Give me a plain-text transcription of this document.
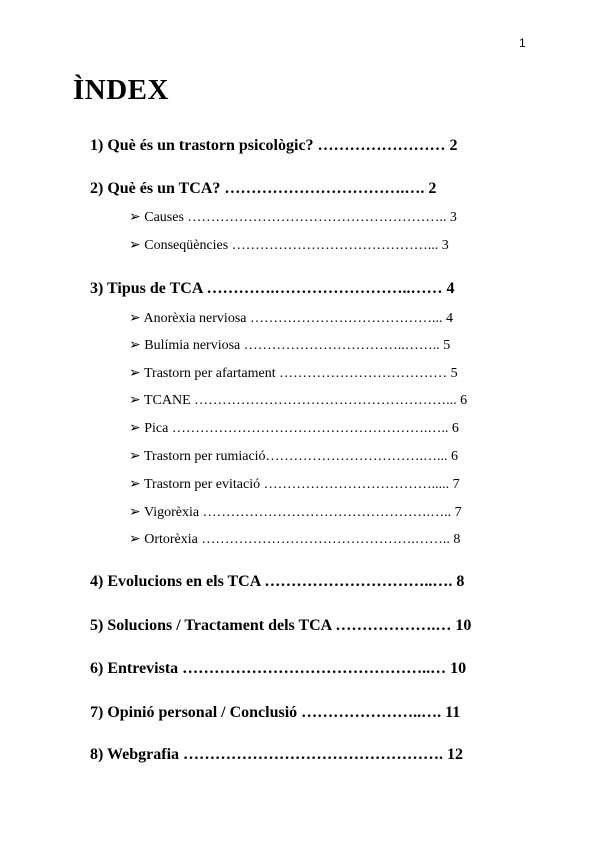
1
ÌNDEX
1) Què és un trastorn psicològic? …………………… 2
2) Què és un TCA? …………………………….…. 2
➢ Causes ……………………………………………….. 3
➢ Conseqüències ……………………………………... 3
3) Tipus de TCA ………….……………………..…… 4
➢ Anorèxia nerviosa …………………………………... 4
➢ Bulímia nerviosa ……………………………..…….. 5
➢ Trastorn per afartament ……………………………… 5
➢ TCANE ………………………………………………... 6
➢ Pica ……………………………………………….….. 6
➢ Trastorn per rumiació…………………………….…... 6
➢ Trastorn per evitació ………………………………..... 7
➢ Vigorèxia ………………………………………….….. 7
➢ Ortorèxia ……………………………………….…….. 8
4) Evolucions en els TCA …………………………..…. 8
5) Solucions / Tractament dels TCA ……………….… 10
6) Entrevista ………………………………………..… 10
7) Opinió personal / Conclusió …………………..…. 11
8) Webgrafia …………………………………………. 12
